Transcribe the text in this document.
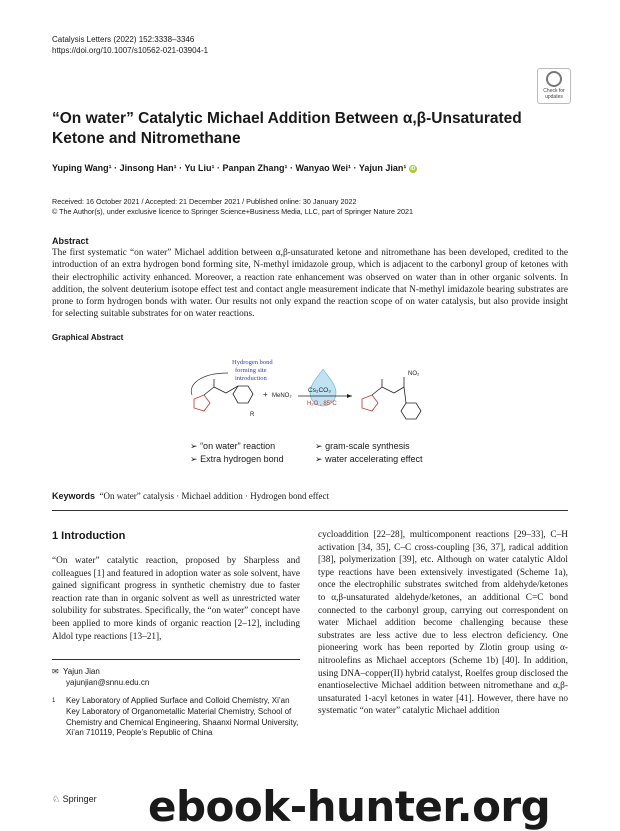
Catalysis Letters (2022) 152:3338–3346
https://doi.org/10.1007/s10562-021-03904-1
Check for
updates
“On water” Catalytic Michael Addition Between α,β-Unsaturated
Ketone and Nitromethane
Yuping Wang¹ · Jinsong Han¹ · Yu Liu¹ · Panpan Zhang¹ · Wanyao Wei¹ · Yajun Jian¹ iD
Received: 16 October 2021 / Accepted: 21 December 2021 / Published online: 30 January 2022
© The Author(s), under exclusive licence to Springer Science+Business Media, LLC, part of Springer Nature 2021
Abstract
The first systematic “on water” Michael addition between α,β-unsaturated ketone and nitromethane has been developed, credited to the introduction of an extra hydrogen bond forming site, N-methyl imidazole group, which is adjacent to the carbonyl group of ketones with their electrophilic activity enhanced. Moreover, a reaction rate enhancement was observed on water than in other organic solvents. In addition, the solvent deuterium isotope effect test and contact angle measurement indicate that N-methyl imidazole bearing substrates are prone to form hydrogen bonds with water. Our results not only expand the reaction scope of on water catalysis, but also provide insight for selecting suitable substrates for on water reactions.
Graphical Abstract
Hydrogen bond
forming site
introduction
R
+ MeNO₂
Cs₂CO₃
H₂O , 85°C
NO₂
➢ “on water” reaction
➢ Extra hydrogen bond
➢ gram-scale synthesis
➢ water accelerating effect
Keywords “On water” catalysis · Michael addition · Hydrogen bond effect
1 Introduction
“On water” catalytic reaction, proposed by Sharpless and colleagues [1] and featured in adoption water as sole solvent, have gained significant progress in synthetic chemistry due to faster reaction rate than in organic solvent as well as unrestricted water solubility for substrates. Specifically, the “on water” concept have been applied to more kinds of organic reaction [2–12], including Aldol type reactions [13–21],
cycloaddition [22–28], multicomponent reactions [29–33], C–H activation [34, 35], C–C cross-coupling [36, 37], radical addition [38], polymerization [39], etc. Although on water catalytic Aldol type reactions have been extensively investigated (Scheme 1a), once the electrophilic substrates switched from aldehyde/ketones to α,β-unsaturated aldehyde/ketones, an additional C=C bond connected to the carbonyl group, carrying out correspondent on water Michael addition become challenging because these substrates are less active due to less electron deficiency. One pioneering work has been reported by Zlotin group using α-nitroolefins as Michael acceptors (Scheme 1b) [40]. In addition, using DNA–copper(II) hybrid catalyst, Roelfes group disclosed the enantioselective Michael addition between nitromethane and α,β-unsaturated 1-acyl ketones in water [41]. However, there have no systematic “on water” catalytic Michael addition
✉ Yajun Jian
yajunjian@snnu.edu.cn
1	Key Laboratory of Applied Surface and Colloid Chemistry, Xi’an Key Laboratory of Organometallic Material Chemistry, School of Chemistry and Chemical Engineering, Shaanxi Normal University, Xi’an 710119, People’s Republic of China
♘ Springer ebook-hunter.org
